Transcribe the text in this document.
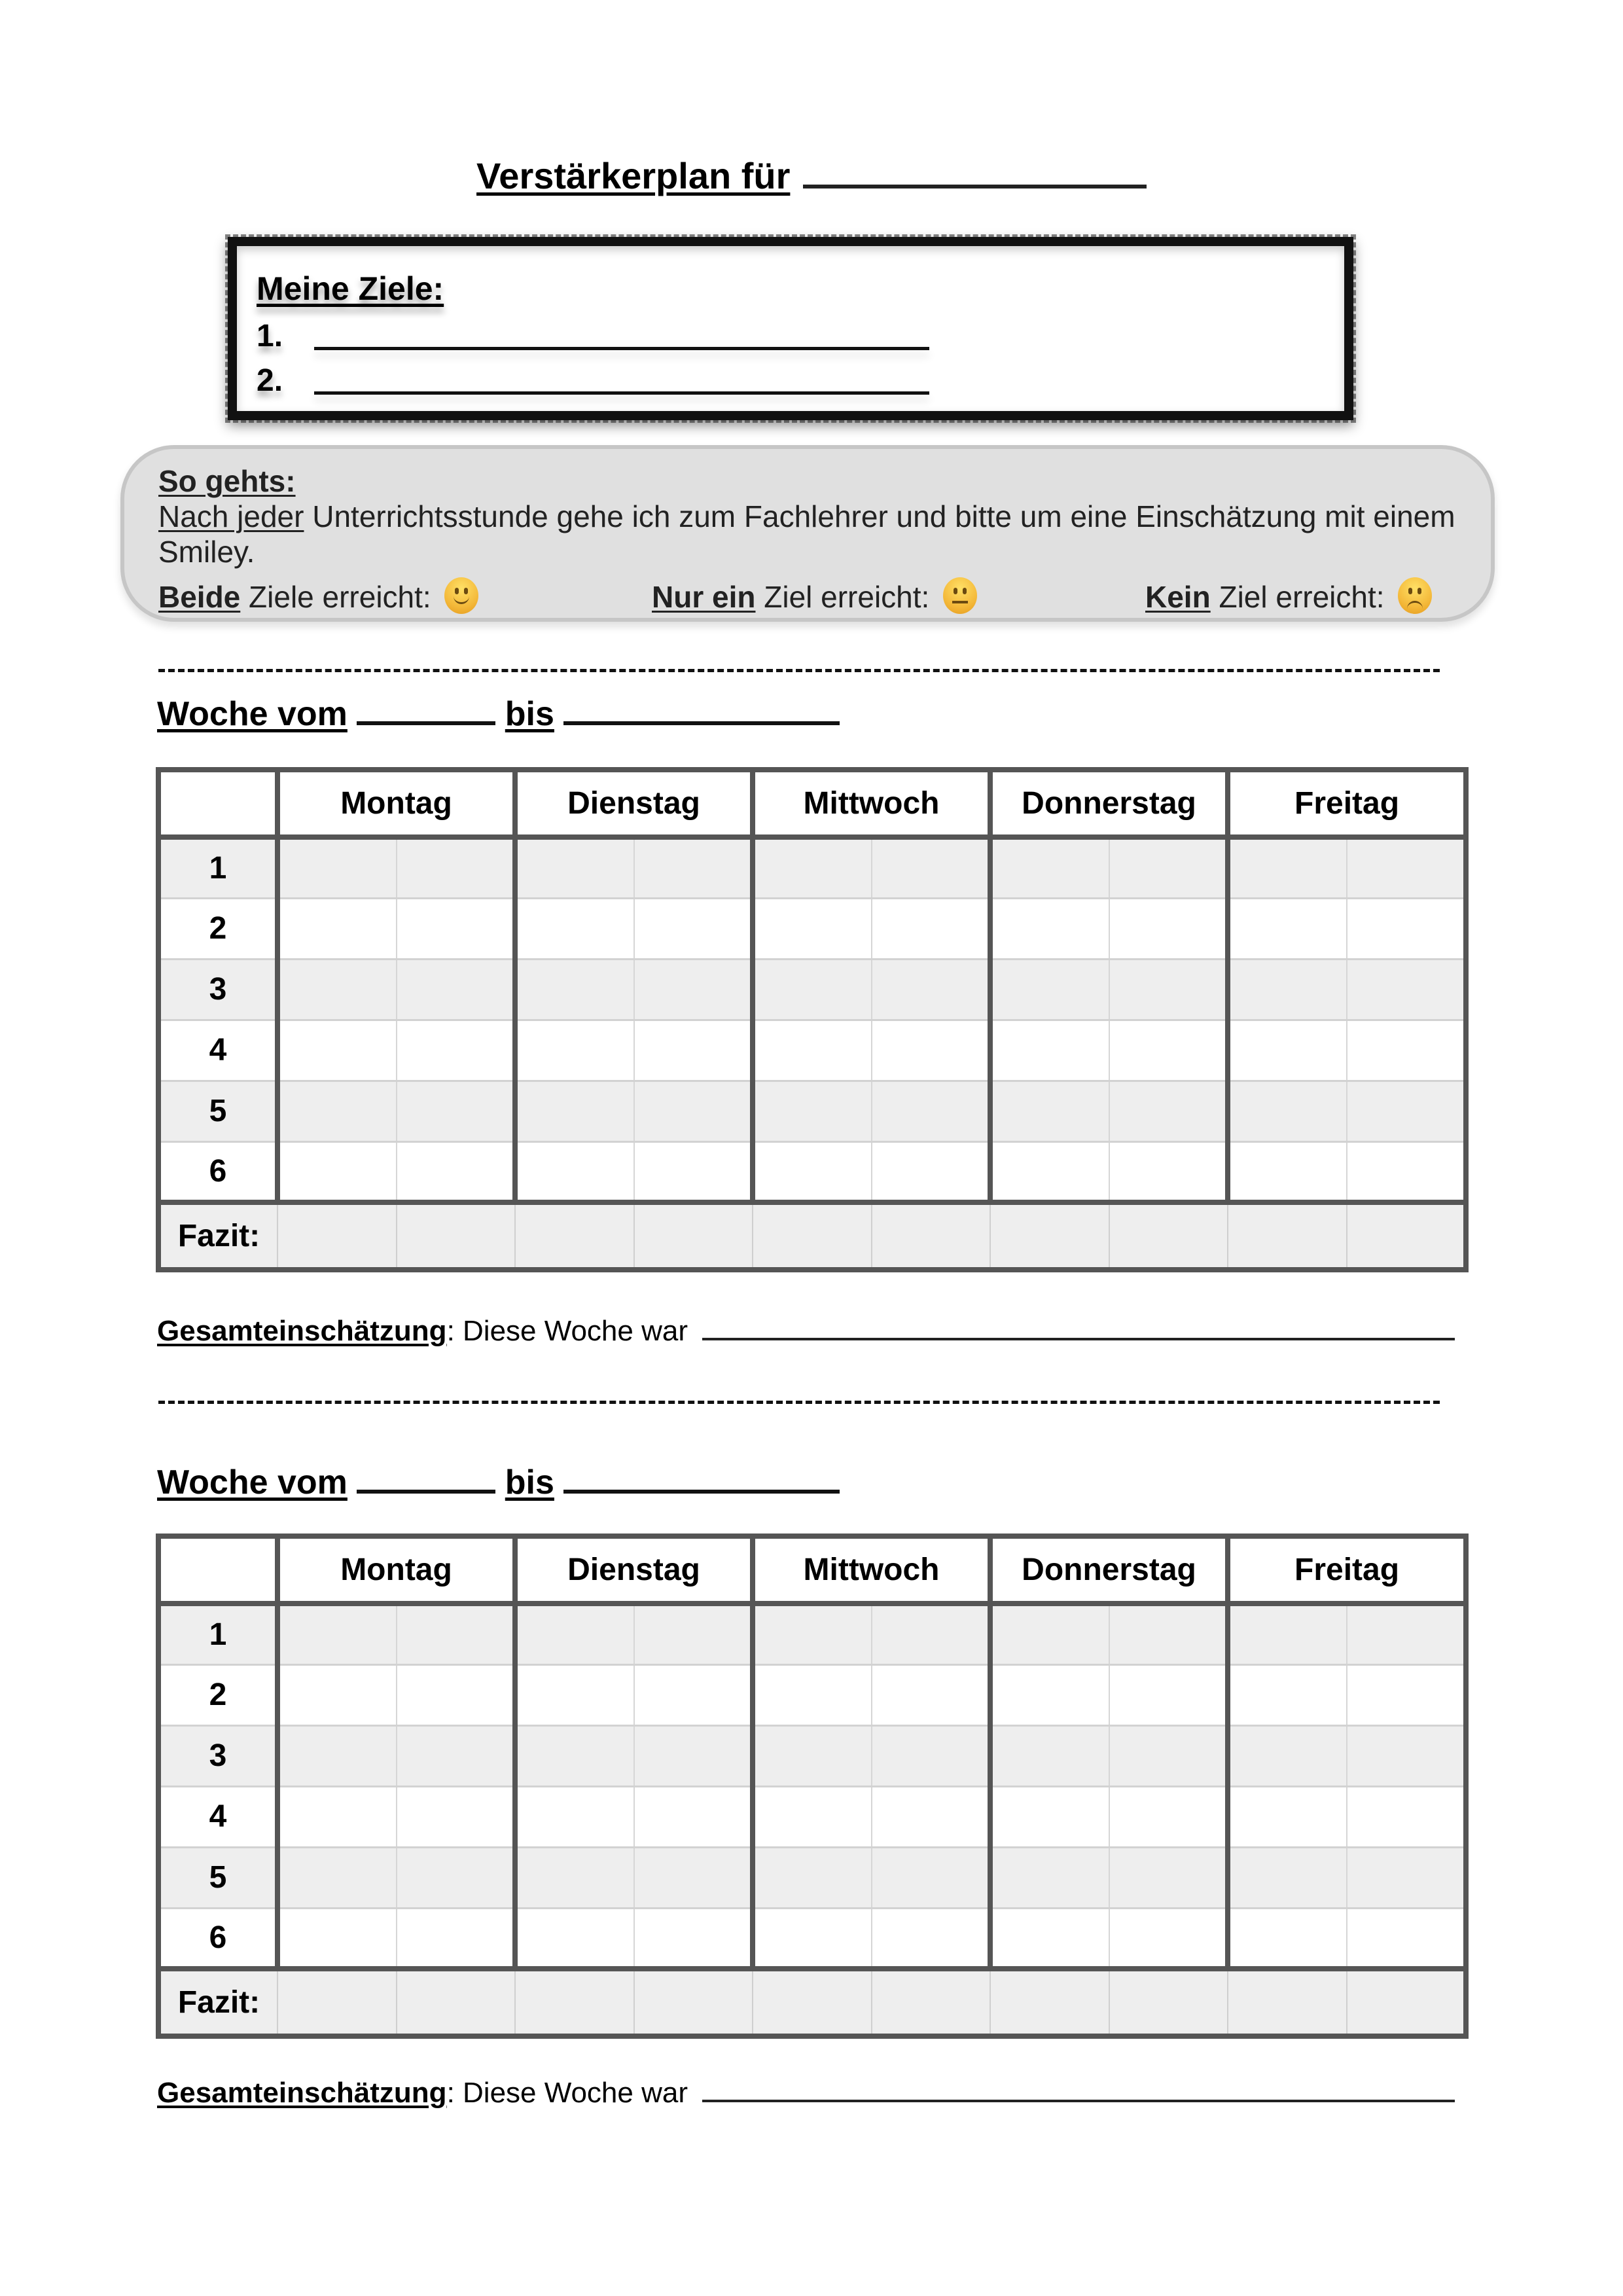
Verstärkerplan für
Meine Ziele:
1.
2.
So gehts:
Nach jeder Unterrichtsstunde gehe ich zum Fachlehrer und bitte um eine Einschätzung mit einem
Smiley.
Beide Ziele erreicht:	Nur ein Ziel erreicht:	Kein Ziel erreicht:
Woche vom	bis
	Montag		Dienstag		Mittwoch		Donnerstag		Freitag	
1										
2										
3										
4										
5										
6										
Fazit:										
Gesamteinschätzung: Diese Woche war
Woche vom	bis
	Montag		Dienstag		Mittwoch		Donnerstag		Freitag	
1										
2										
3										
4										
5										
6										
Fazit:										
Gesamteinschätzung: Diese Woche war
